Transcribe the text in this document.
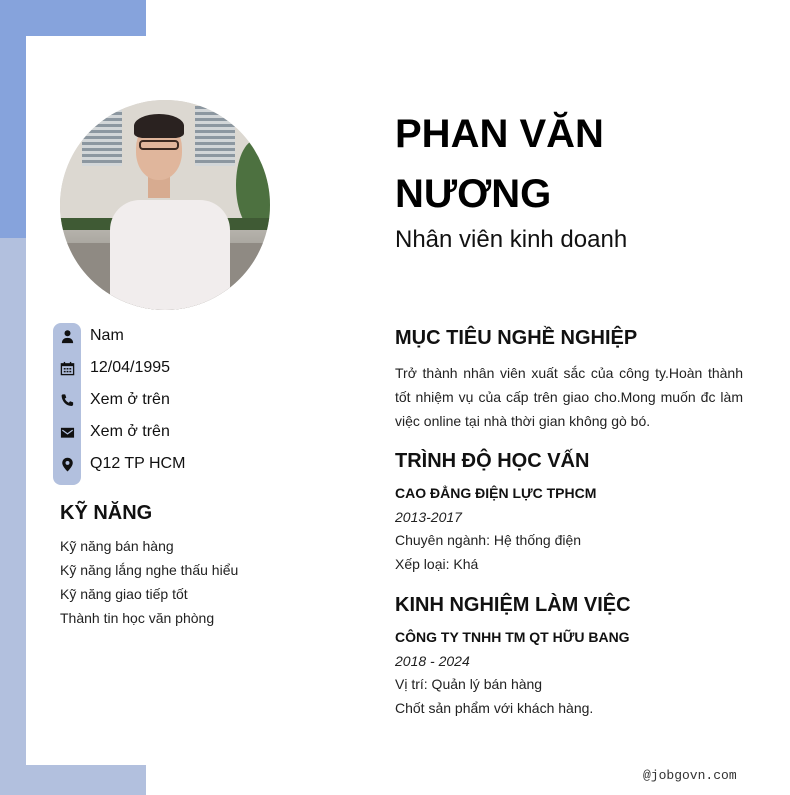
Nam
12/04/1995
Xem ở trên
Xem ở trên
Q12 TP HCM
KỸ NĂNG
Kỹ năng bán hàng
Kỹ năng lắng nghe thấu hiểu
Kỹ năng giao tiếp tốt
Thành tin học văn phòng
PHAN VĂN NƯƠNG
Nhân viên kinh doanh
MỤC TIÊU NGHỀ NGHIỆP
Trở thành nhân viên xuất sắc của công ty.Hoàn thành tốt nhiệm vụ của cấp trên giao cho.Mong muốn đc làm việc online tại nhà thời gian không gò bó.
TRÌNH ĐỘ HỌC VẤN
CAO ĐẲNG ĐIỆN LỰC TPHCM
2013-2017
Chuyên ngành: Hệ thống điện
Xếp loại: Khá
KINH NGHIỆM LÀM VIỆC
CÔNG TY TNHH TM QT HỮU BANG
2018 - 2024
Vị trí: Quản lý bán hàng
Chốt sản phẩm với khách hàng.
@jobgovn.com
